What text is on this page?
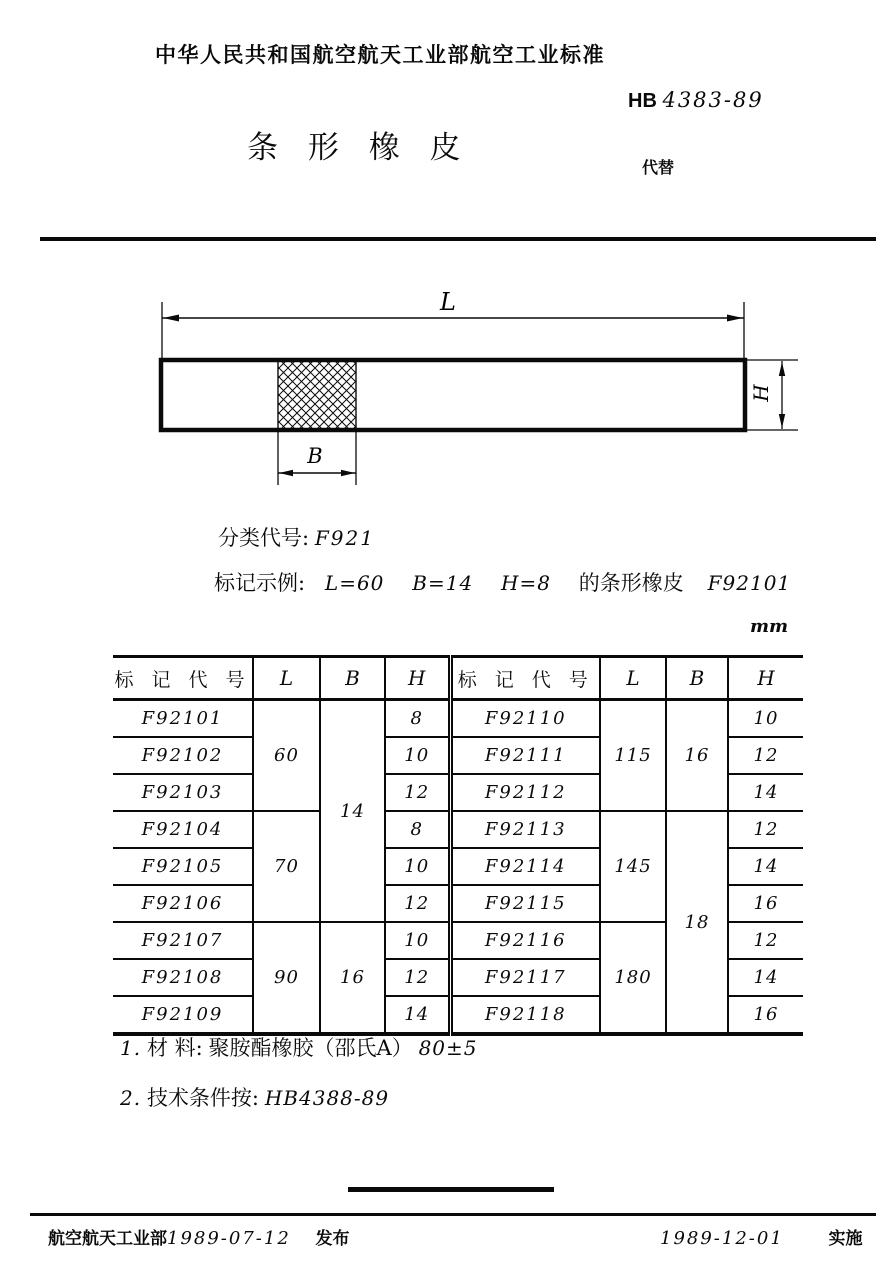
中华人民共和国航空航天工业部航空工业标准
HB 4383-89
条 形 橡 皮
代替
L
H
B
分类代号: F921
标记示例: L=60 B=14 H=8 的条形橡皮 F92101
mm
标 记 代 号	L	B	H	标 记 代 号	L	B	H
F92101	60	14	8	F92110	115	16	10
F92102			10	F92111			12
F92103			12	F92112			14
F92104	70		8	F92113	145	18	12
F92105			10	F92114			14
F92106			12	F92115			16
F92107	90	16	10	F92116	180		12
F92108			12	F92117			14
F92109			14	F92118			16
1. 材 料: 聚胺酯橡胶（邵氏A） 80±5
2. 技术条件按: HB4388-89
航空航天工业部1989-07-12 发布	1989-12-01	实施
